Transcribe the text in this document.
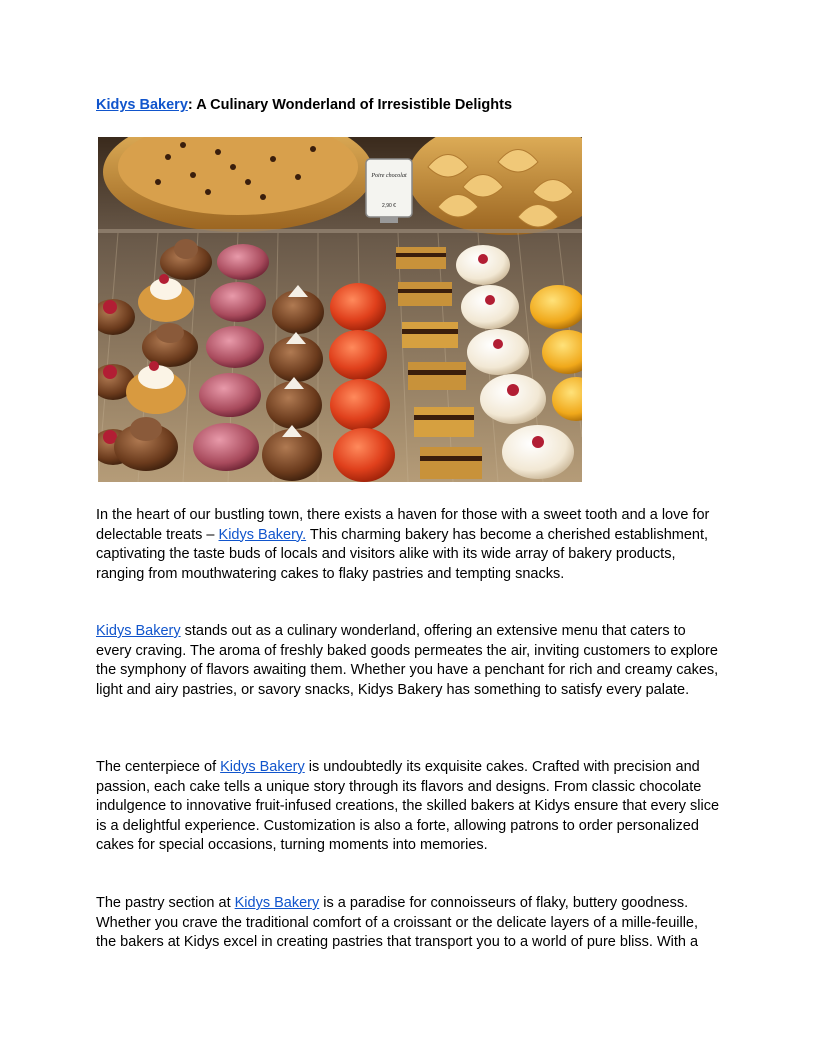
Kidys Bakery: A Culinary Wonderland of Irresistible Delights
Poire chocolat
2,90 €

In the heart of our bustling town, there exists a haven for those with a sweet tooth and a love for delectable treats – Kidys Bakery. This charming bakery has become a cherished establishment, captivating the taste buds of locals and visitors alike with its wide array of bakery products, ranging from mouthwatering cakes to flaky pastries and tempting snacks.

Kidys Bakery stands out as a culinary wonderland, offering an extensive menu that caters to every craving. The aroma of freshly baked goods permeates the air, inviting customers to explore the symphony of flavors awaiting them. Whether you have a penchant for rich and creamy cakes, light and airy pastries, or savory snacks, Kidys Bakery has something to satisfy every palate.

The centerpiece of Kidys Bakery is undoubtedly its exquisite cakes. Crafted with precision and passion, each cake tells a unique story through its flavors and designs. From classic chocolate indulgence to innovative fruit-infused creations, the skilled bakers at Kidys ensure that every slice is a delightful experience. Customization is also a forte, allowing patrons to order personalized cakes for special occasions, turning moments into memories.

The pastry section at Kidys Bakery is a paradise for connoisseurs of flaky, buttery goodness. Whether you crave the traditional comfort of a croissant or the delicate layers of a mille-feuille, the bakers at Kidys excel in creating pastries that transport you to a world of pure bliss. With a
